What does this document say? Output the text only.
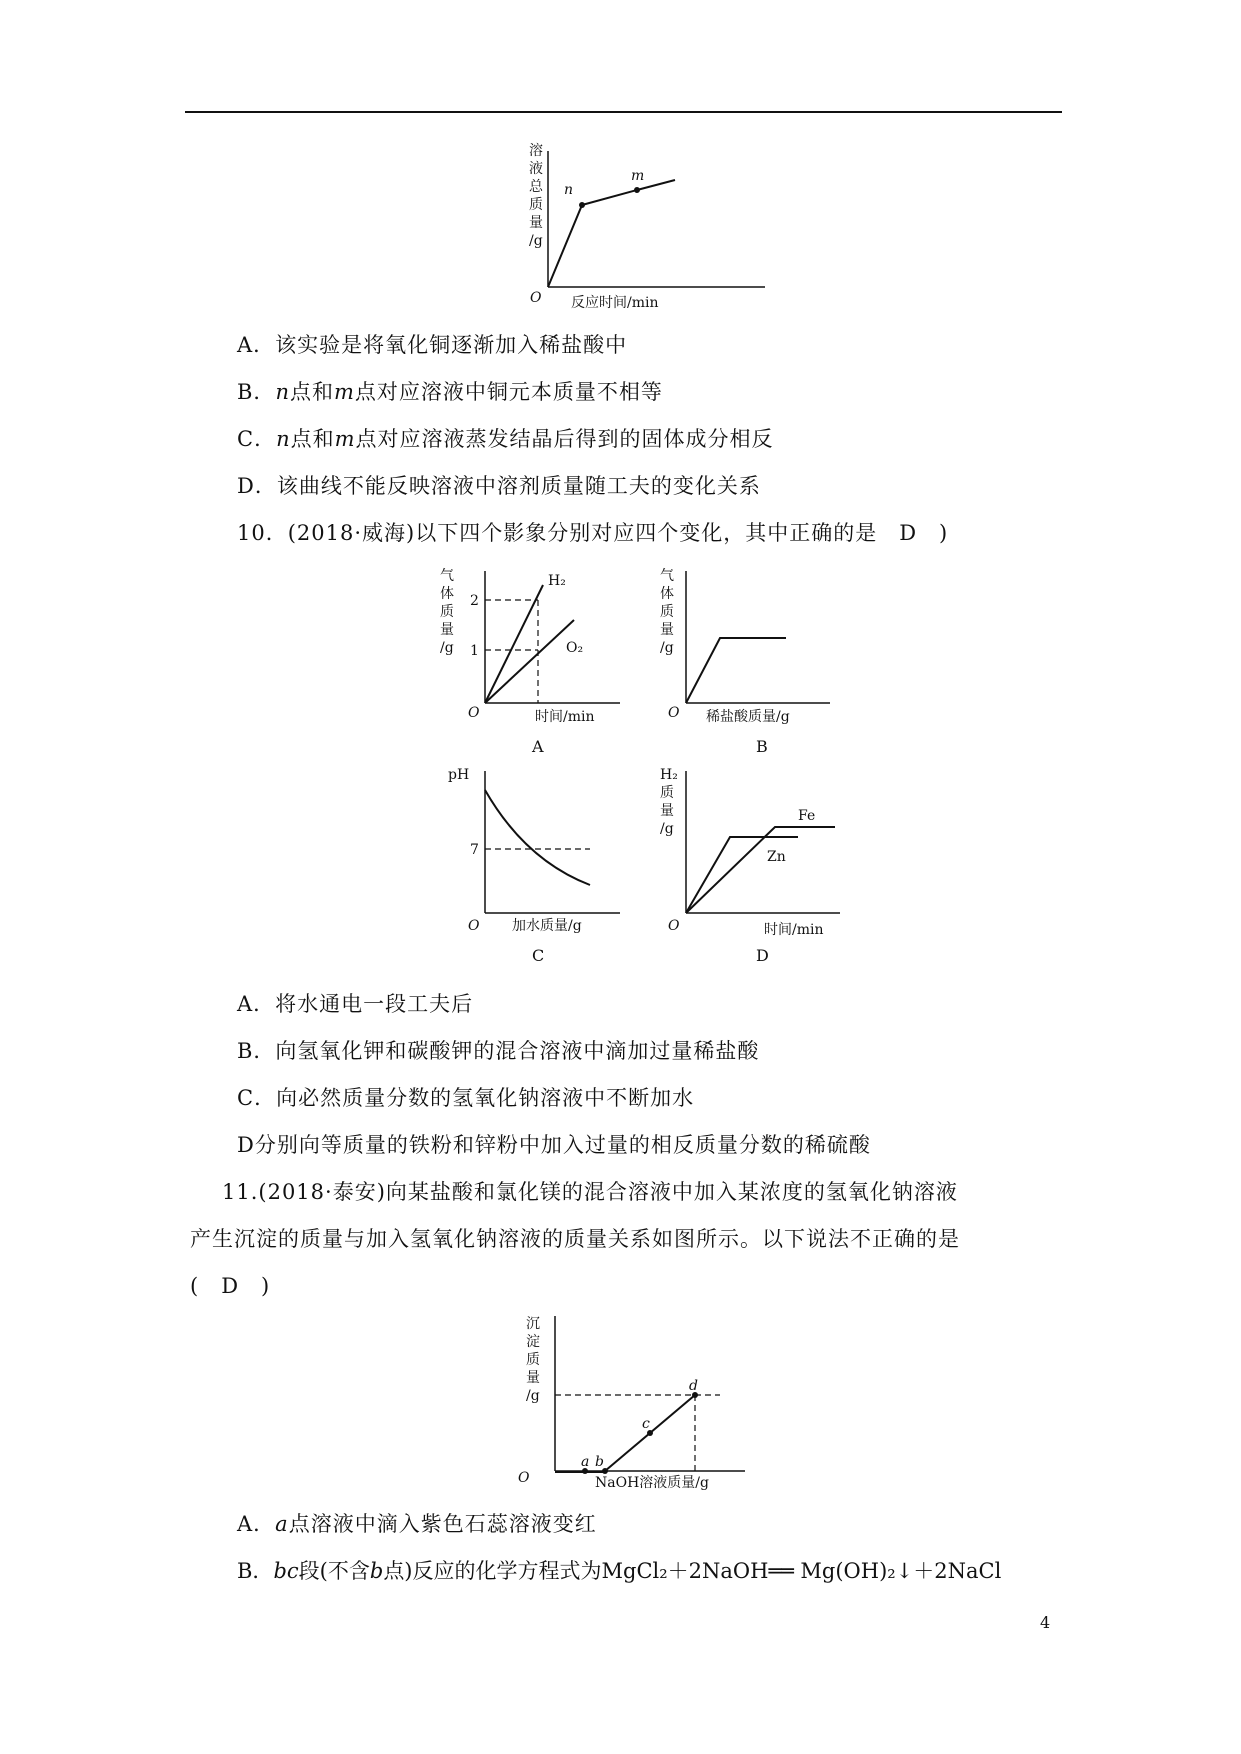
溶
液
总
质
量
/g
O
n
m
反应时间/min
A．该实验是将氧化铜逐渐加入稀盐酸中
B．n点和m点对应溶液中铜元本质量不相等
C．n点和m点对应溶液蒸发结晶后得到的固体成分相反
D．该曲线不能反映溶液中溶剂质量随工夫的变化关系
10．(2018·威海)以下四个影象分别对应四个变化，其中正确的是　D　)
气
体
质
量
/g
2
1
H₂
O₂
O	时间/min
A
气
体
质
量
/g
O 稀盐酸质量/g
B
pH
7
O 加水质量/g
C
H₂
质
量
/g
Fe
Zn
O	时间/min
D
A．将水通电一段工夫后
B．向氢氧化钾和碳酸钾的混合溶液中滴加过量稀盐酸
C．向必然质量分数的氢氧化钠溶液中不断加水
D分别向等质量的铁粉和锌粉中加入过量的相反质量分数的稀硫酸
11.(2018·泰安)向某盐酸和氯化镁的混合溶液中加入某浓度的氢氧化钠溶液
产生沉淀的质量与加入氢氧化钠溶液的质量关系如图所示。以下说法不正确的是
(　D　)
沉
淀
质
量
/g
O
a b
c
d
NaOH溶液质量/g
A．a点溶液中滴入紫色石蕊溶液变红
B．bc段(不含b点)反应的化学方程式为MgCl₂＋2NaOH══ Mg(OH)₂↓＋2NaCl
4
